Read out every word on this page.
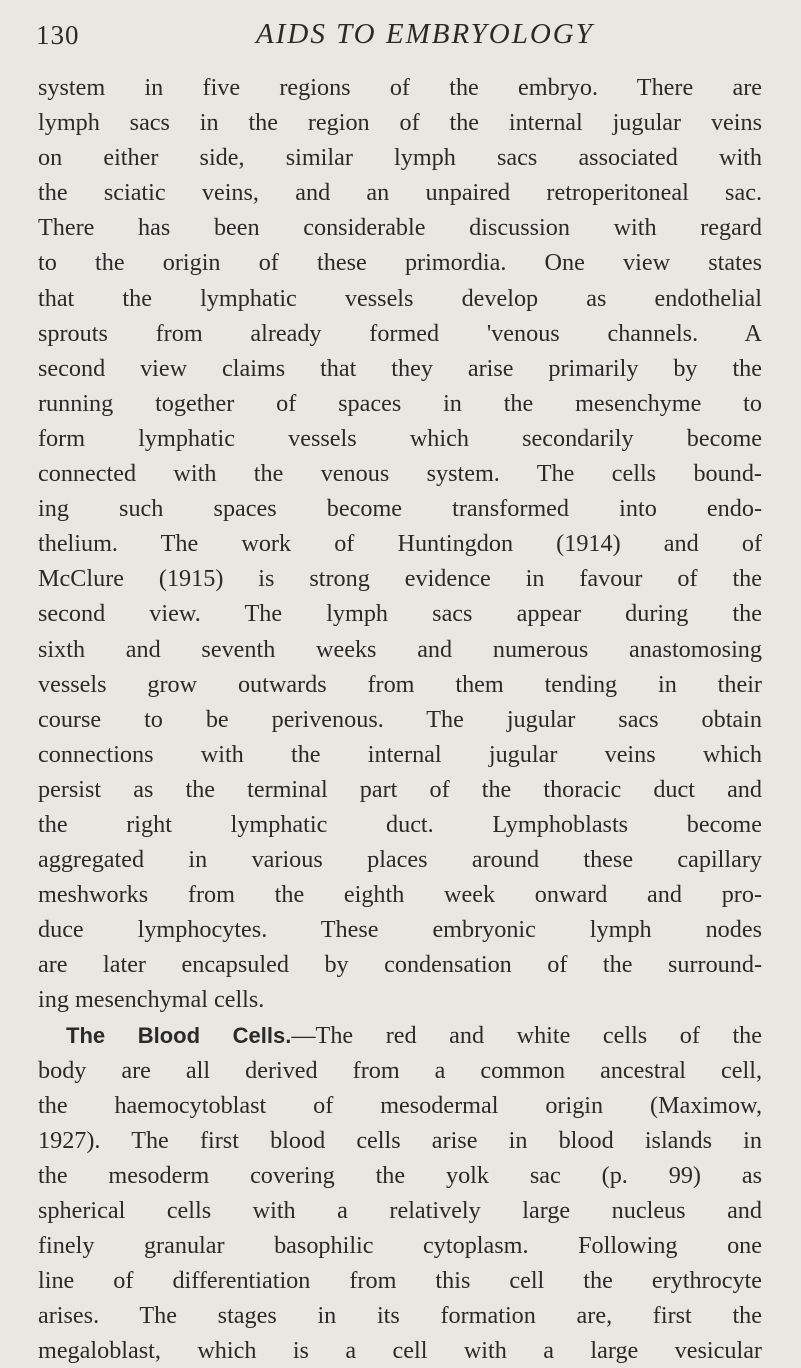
130	AIDS TO EMBRYOLOGY
system in five regions of the embryo. There are
lymph sacs in the region of the internal jugular veins
on either side, similar lymph sacs associated with
the sciatic veins, and an unpaired retroperitoneal sac.
There has been considerable discussion with regard
to the origin of these primordia. One view states
that the lymphatic vessels develop as endothelial
sprouts from already formed 'venous channels. A
second view claims that they arise primarily by the
running together of spaces in the mesenchyme to
form lymphatic vessels which secondarily become
connected with the venous system. The cells bound-
ing such spaces become transformed into endo-
thelium. The work of Huntingdon (1914) and of
McClure (1915) is strong evidence in favour of the
second view. The lymph sacs appear during the
sixth and seventh weeks and numerous anastomosing
vessels grow outwards from them tending in their
course to be perivenous. The jugular sacs obtain
connections with the internal jugular veins which
persist as the terminal part of the thoracic duct and
the right lymphatic duct. Lymphoblasts become
aggregated in various places around these capillary
meshworks from the eighth week onward and pro-
duce lymphocytes. These embryonic lymph nodes
are later encapsuled by condensation of the surround-
ing mesenchymal cells.
The Blood Cells.—The red and white cells of the
body are all derived from a common ancestral cell,
the haemocytoblast of mesodermal origin (Maximow,
1927). The first blood cells arise in blood islands in
the mesoderm covering the yolk sac (p. 99) as
spherical cells with a relatively large nucleus and
finely granular basophilic cytoplasm. Following one
line of differentiation from this cell the erythrocyte
arises. The stages in its formation are, first the
megaloblast, which is a cell with a large vesicular
